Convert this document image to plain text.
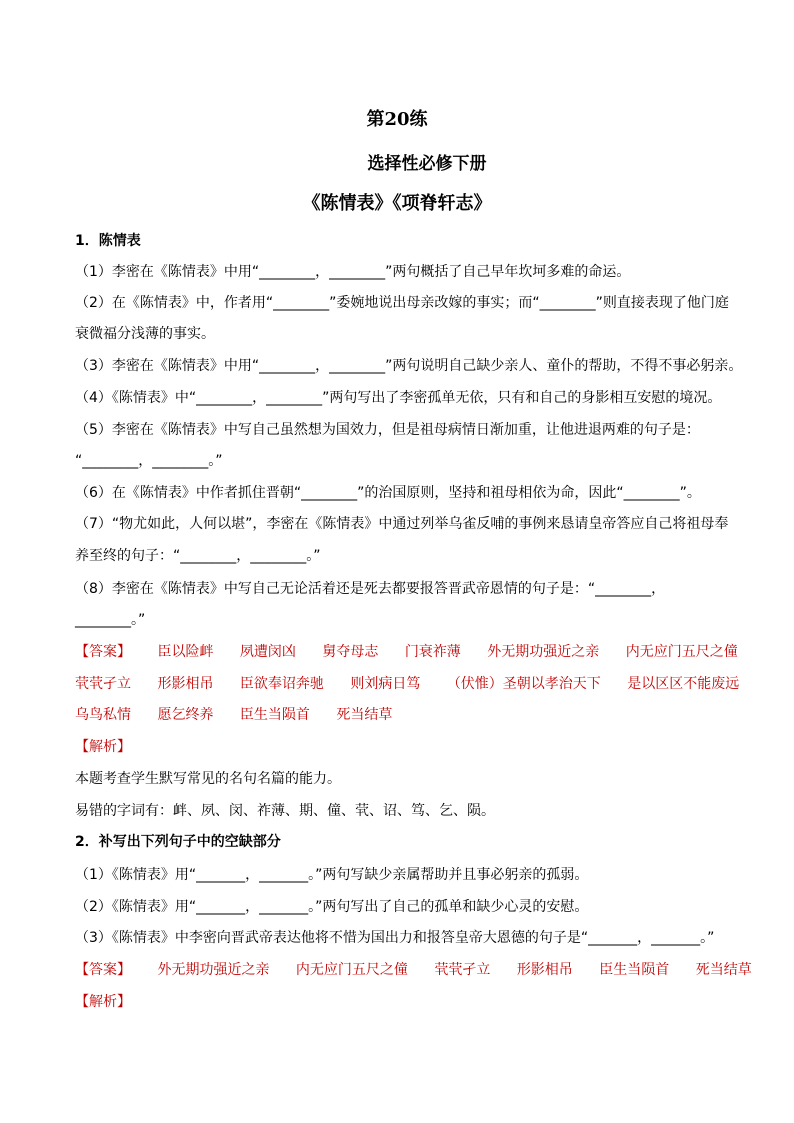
第20练
选择性必修下册
《陈情表》《项脊轩志》
1．陈情表
（1）李密在《陈情表》中用“________，________”两句概括了自己早年坎坷多难的命运。
（2）在《陈情表》中，作者用“________”委婉地说出母亲改嫁的事实；而“________”则直接表现了他门庭
衰微福分浅薄的事实。
（3）李密在《陈情表》中用“________，________”两句说明自己缺少亲人、童仆的帮助，不得不事必躬亲。
（4）《陈情表》中“________，________”两句写出了李密孤单无依，只有和自己的身影相互安慰的境况。
（5）李密在《陈情表》中写自己虽然想为国效力，但是祖母病情日渐加重，让他进退两难的句子是：
“________，________。”
（6）在《陈情表》中作者抓住晋朝“________”的治国原则，坚持和祖母相依为命，因此“________”。
（7）“物尤如此，人何以堪”，李密在《陈情表》中通过列举乌雀反哺的事例来恳请皇帝答应自己将祖母奉
养至终的句子：“________，________。”
（8）李密在《陈情表》中写自己无论活着还是死去都要报答晋武帝恩情的句子是：“________，
________。”
【答案】 臣以险衅 夙遭闵凶 舅夺母志 门衰祚薄 外无期功强近之亲 内无应门五尺之僮
茕茕孑立 形影相吊 臣欲奉诏奔驰 则刘病日笃 （伏惟）圣朝以孝治天下 是以区区不能废远
乌鸟私情 愿乞终养 臣生当陨首 死当结草
【解析】
本题考查学生默写常见的名句名篇的能力。
易错的字词有：衅、夙、闵、祚薄、期、僮、茕、诏、笃、乞、陨。
2．补写出下列句子中的空缺部分
（1）《陈情表》用“_______，_______。”两句写缺少亲属帮助并且事必躬亲的孤弱。
（2）《陈情表》用“_______，_______。”两句写出了自己的孤单和缺少心灵的安慰。
（3）《陈情表》中李密向晋武帝表达他将不惜为国出力和报答皇帝大恩德的句子是“_______，_______。”
【答案】 外无期功强近之亲 内无应门五尺之僮 茕茕孑立 形影相吊 臣生当陨首 死当结草
【解析】
